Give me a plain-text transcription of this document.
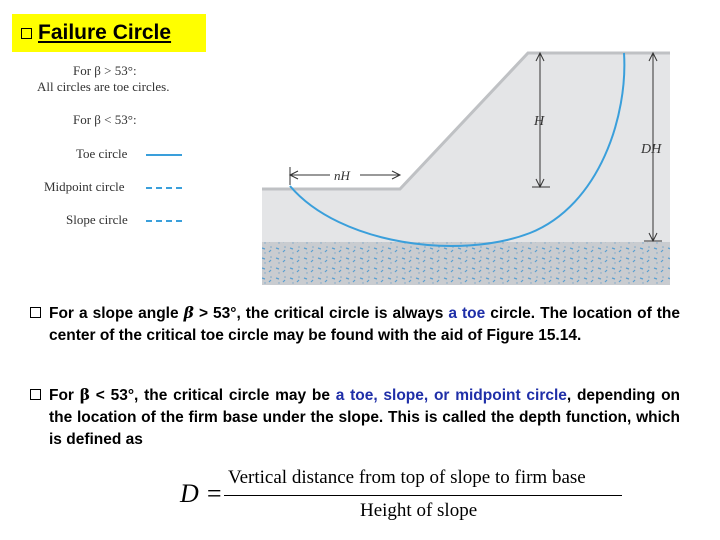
Failure Circle
For β > 53°:
All circles are toe circles.
For β < 53°:
Toe circle
Midpoint circle
Slope circle
H
DH
nH
For a slope angle β > 53°, the critical circle is always a toe circle. The location of the center of the critical toe circle may be found with the aid of Figure 15.14.
For β < 53°, the critical circle may be a toe, slope, or midpoint circle, depending on the location of the firm base under the slope. This is called the depth function, which is defined as
D =
Vertical distance from top of slope to firm base
Height of slope
